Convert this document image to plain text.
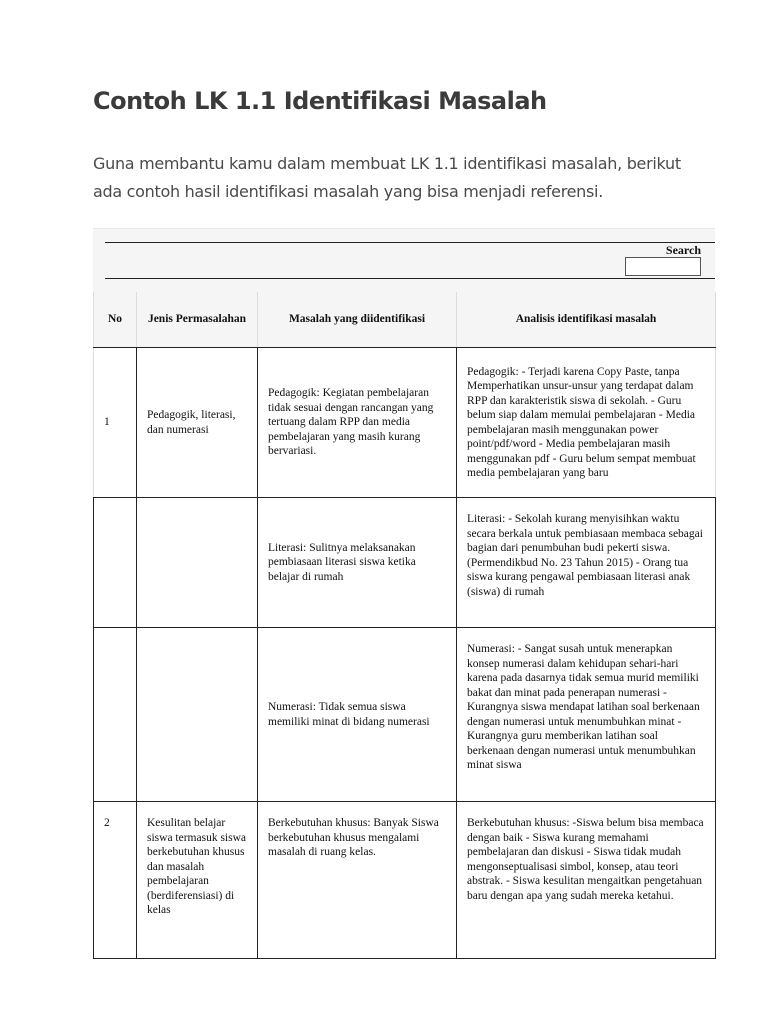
Contoh LK 1.1 Identifikasi Masalah

Guna membantu kamu dalam membuat LK 1.1 identifikasi masalah, berikut ada contoh hasil identifikasi masalah yang bisa menjadi referensi.

Search
No	Jenis Permasalahan	Masalah yang diidentifikasi	Analisis identifikasi masalah
1	Pedagogik, literasi, dan numerasi	Pedagogik: Kegiatan pembelajaran tidak sesuai dengan rancangan yang tertuang dalam RPP dan media pembelajaran yang masih kurang bervariasi.	Pedagogik: - Terjadi karena Copy Paste, tanpa Memperhatikan unsur-unsur yang terdapat dalam RPP dan karakteristik siswa di sekolah. - Guru belum siap dalam memulai pembelajaran - Media pembelajaran masih menggunakan power point/pdf/word - Media pembelajaran masih menggunakan pdf - Guru belum sempat membuat media pembelajaran yang baru
		Literasi: Sulitnya melaksanakan pembiasaan literasi siswa ketika belajar di rumah	Literasi: - Sekolah kurang menyisihkan waktu secara berkala untuk pembiasaan membaca sebagai bagian dari penumbuhan budi pekerti siswa. (Permendikbud No. 23 Tahun 2015) - Orang tua siswa kurang pengawal pembiasaan literasi anak (siswa) di rumah
		Numerasi: Tidak semua siswa memiliki minat di bidang numerasi	Numerasi: - Sangat susah untuk menerapkan konsep numerasi dalam kehidupan sehari-hari karena pada dasarnya tidak semua murid memiliki bakat dan minat pada penerapan numerasi - Kurangnya siswa mendapat latihan soal berkenaan dengan numerasi untuk menumbuhkan minat - Kurangnya guru memberikan latihan soal berkenaan dengan numerasi untuk menumbuhkan minat siswa
2	Kesulitan belajar siswa termasuk siswa berkebutuhan khusus dan masalah pembelajaran (berdiferensiasi) di kelas	Berkebutuhan khusus: Banyak Siswa berkebutuhan khusus mengalami masalah di ruang kelas.	Berkebutuhan khusus: -Siswa belum bisa membaca dengan baik - Siswa kurang memahami pembelajaran dan diskusi - Siswa tidak mudah mengonseptualisasi simbol, konsep, atau teori abstrak. - Siswa kesulitan mengaitkan pengetahuan baru dengan apa yang sudah mereka ketahui.
